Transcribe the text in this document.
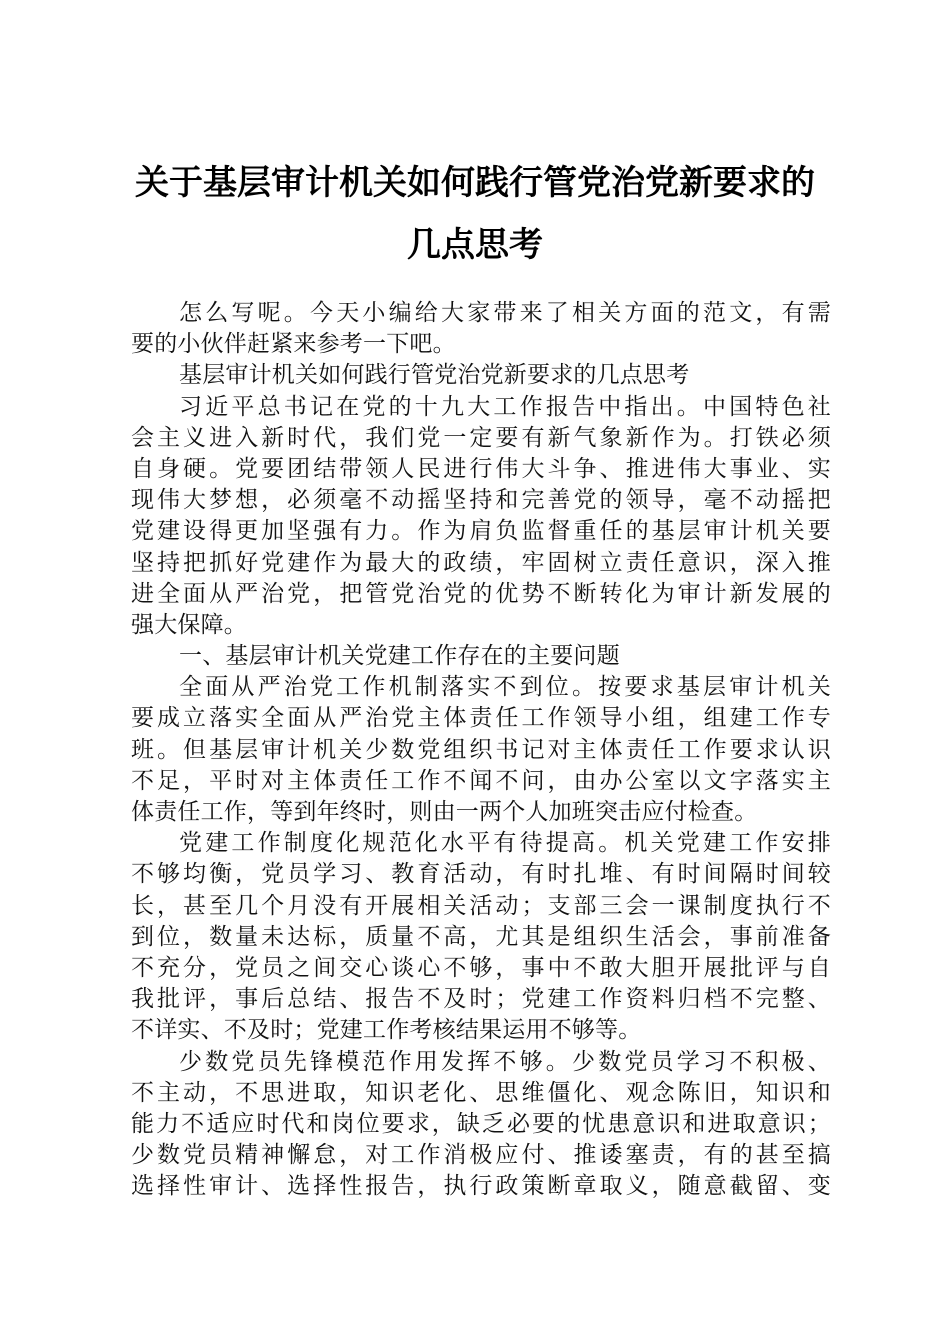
关于基层审计机关如何践行管党治党新要求的
几点思考
怎么写呢。今天小编给大家带来了相关方面的范文，有需
要的小伙伴赶紧来参考一下吧。
基层审计机关如何践行管党治党新要求的几点思考
习近平总书记在党的十九大工作报告中指出。中国特色社
会主义进入新时代，我们党一定要有新气象新作为。打铁必须
自身硬。党要团结带领人民进行伟大斗争、推进伟大事业、实
现伟大梦想，必须毫不动摇坚持和完善党的领导，毫不动摇把
党建设得更加坚强有力。作为肩负监督重任的基层审计机关要
坚持把抓好党建作为最大的政绩，牢固树立责任意识，深入推
进全面从严治党，把管党治党的优势不断转化为审计新发展的
强大保障。
一、基层审计机关党建工作存在的主要问题
全面从严治党工作机制落实不到位。按要求基层审计机关
要成立落实全面从严治党主体责任工作领导小组，组建工作专
班。但基层审计机关少数党组织书记对主体责任工作要求认识
不足，平时对主体责任工作不闻不问，由办公室以文字落实主
体责任工作，等到年终时，则由一两个人加班突击应付检查。
党建工作制度化规范化水平有待提高。机关党建工作安排
不够均衡，党员学习、教育活动，有时扎堆、有时间隔时间较
长，甚至几个月没有开展相关活动；支部三会一课制度执行不
到位，数量未达标，质量不高，尤其是组织生活会，事前准备
不充分，党员之间交心谈心不够，事中不敢大胆开展批评与自
我批评，事后总结、报告不及时；党建工作资料归档不完整、
不详实、不及时；党建工作考核结果运用不够等。
少数党员先锋模范作用发挥不够。少数党员学习不积极、
不主动，不思进取，知识老化、思维僵化、观念陈旧，知识和
能力不适应时代和岗位要求，缺乏必要的忧患意识和进取意识；
少数党员精神懈怠，对工作消极应付、推诿塞责，有的甚至搞
选择性审计、选择性报告，执行政策断章取义，随意截留、变
